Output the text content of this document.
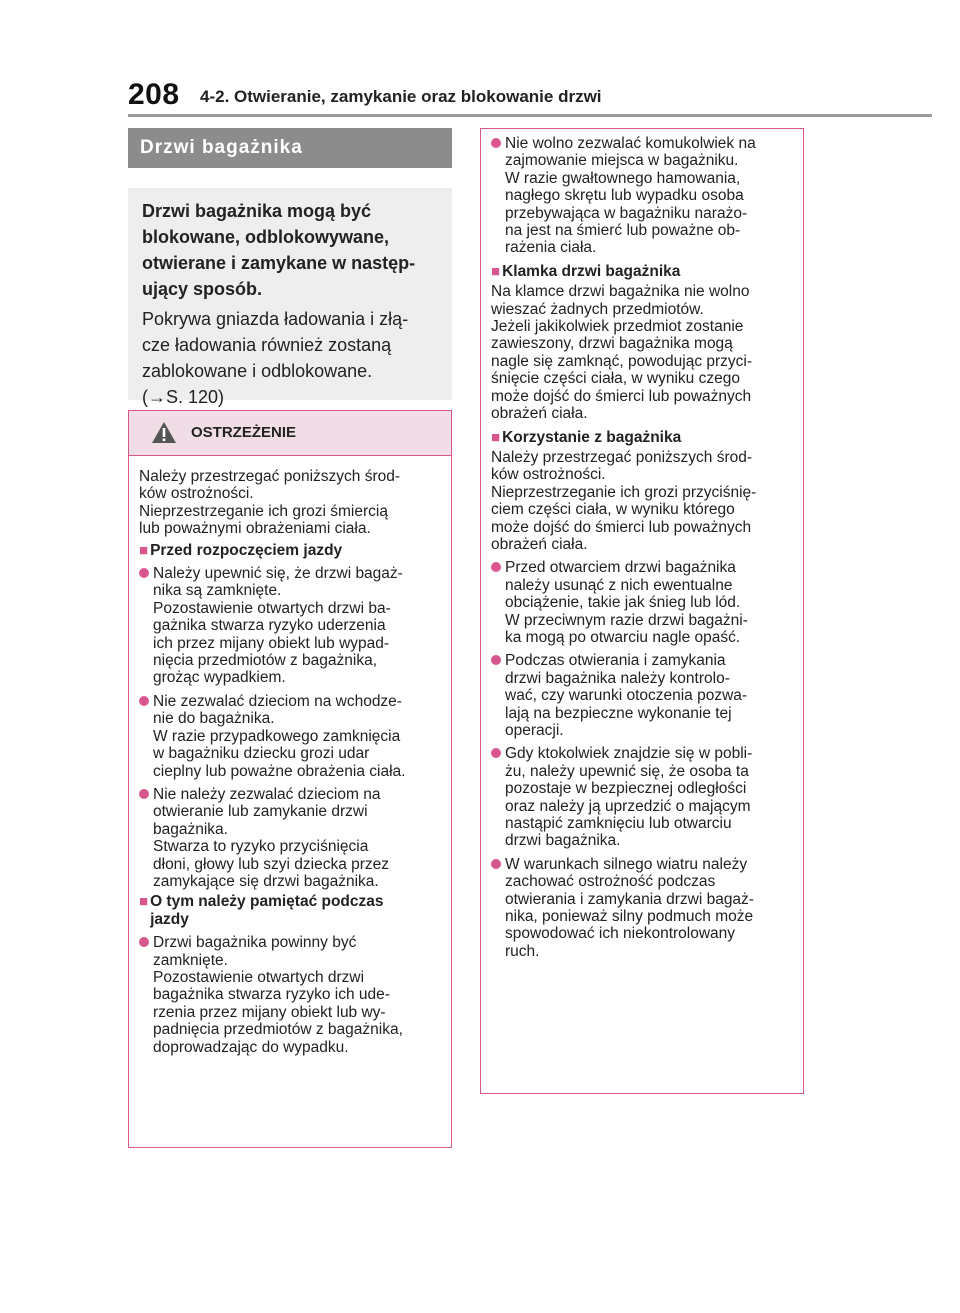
208 4-2. Otwieranie, zamykanie oraz blokowanie drzwi
Drzwi bagażnika
Drzwi bagażnika mogą być
blokowane, odblokowywane,
otwierane i zamykane w następ-
ujący sposób.
Pokrywa gniazda ładowania i złą-
cze ładowania również zostaną
zablokowane i odblokowane.
(→S. 120)
OSTRZEŻENIE
Należy przestrzegać poniższych środ-
ków ostrożności.
Nieprzestrzeganie ich grozi śmiercią
lub poważnymi obrażeniami ciała.
■ Przed rozpoczęciem jazdy
Należy upewnić się, że drzwi bagaż-
nika są zamknięte.
Pozostawienie otwartych drzwi ba-
gażnika stwarza ryzyko uderzenia
ich przez mijany obiekt lub wypad-
nięcia przedmiotów z bagażnika,
grożąc wypadkiem.
Nie zezwalać dzieciom na wchodze-
nie do bagażnika.
W razie przypadkowego zamknięcia
w bagażniku dziecku grozi udar
cieplny lub poważne obrażenia ciała.
Nie należy zezwalać dzieciom na
otwieranie lub zamykanie drzwi
bagażnika.
Stwarza to ryzyko przyciśnięcia
dłoni, głowy lub szyi dziecka przez
zamykające się drzwi bagażnika.
■ O tym należy pamiętać podczas
jazdy
Drzwi bagażnika powinny być
zamknięte.
Pozostawienie otwartych drzwi
bagażnika stwarza ryzyko ich ude-
rzenia przez mijany obiekt lub wy-
padnięcia przedmiotów z bagażnika,
doprowadzając do wypadku.
Nie wolno zezwalać komukolwiek na
zajmowanie miejsca w bagażniku.
W razie gwałtownego hamowania,
nagłego skrętu lub wypadku osoba
przebywająca w bagażniku narażo-
na jest na śmierć lub poważne ob-
rażenia ciała.
■ Klamka drzwi bagażnika
Na klamce drzwi bagażnika nie wolno
wieszać żadnych przedmiotów.
Jeżeli jakikolwiek przedmiot zostanie
zawieszony, drzwi bagażnika mogą
nagle się zamknąć, powodując przyci-
śnięcie części ciała, w wyniku czego
może dojść do śmierci lub poważnych
obrażeń ciała.
■ Korzystanie z bagażnika
Należy przestrzegać poniższych środ-
ków ostrożności.
Nieprzestrzeganie ich grozi przyciśnię-
ciem części ciała, w wyniku którego
może dojść do śmierci lub poważnych
obrażeń ciała.
Przed otwarciem drzwi bagażnika
należy usunąć z nich ewentualne
obciążenie, takie jak śnieg lub lód.
W przeciwnym razie drzwi bagażni-
ka mogą po otwarciu nagle opaść.
Podczas otwierania i zamykania
drzwi bagażnika należy kontrolo-
wać, czy warunki otoczenia pozwa-
lają na bezpieczne wykonanie tej
operacji.
Gdy ktokolwiek znajdzie się w pobli-
żu, należy upewnić się, że osoba ta
pozostaje w bezpiecznej odległości
oraz należy ją uprzedzić o mającym
nastąpić zamknięciu lub otwarciu
drzwi bagażnika.
W warunkach silnego wiatru należy
zachować ostrożność podczas
otwierania i zamykania drzwi bagaż-
nika, ponieważ silny podmuch może
spowodować ich niekontrolowany
ruch.
